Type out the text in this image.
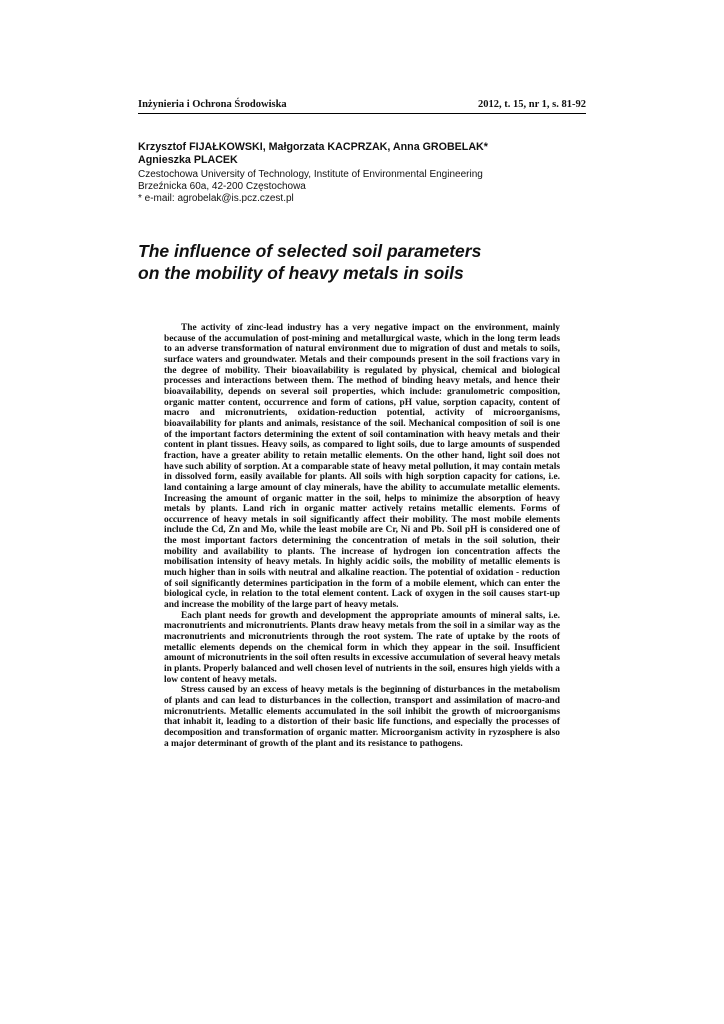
Inżynieria i Ochrona Środowiska	2012, t. 15, nr 1, s. 81-92
Krzysztof FIJAŁKOWSKI, Małgorzata KACPRZAK, Anna GROBELAK*
Agnieszka PLACEK
Czestochowa University of Technology, Institute of Environmental Engineering
Brzeźnicka 60a, 42-200 Częstochowa
* e-mail: agrobelak@is.pcz.czest.pl
The influence of selected soil parameters
on the mobility of heavy metals in soils

The activity of zinc-lead industry has a very negative impact on the environment, mainly because of the accumulation of post-mining and metallurgical waste, which in the long term leads to an adverse transformation of natural environment due to migration of dust and metals to soils, surface waters and groundwater. Metals and their compounds present in the soil fractions vary in the degree of mobility. Their bioavailability is regulated by physical, chemical and biological processes and interactions between them. The method of binding heavy metals, and hence their bioavailability, depends on several soil properties, which include: granulometric composition, organic matter content, occurrence and form of cations, pH value, sorption capacity, content of macro and micronutrients, oxidation-reduction potential, activity of microorganisms, bioavailability for plants and animals, resistance of the soil. Mechanical composition of soil is one of the important factors determining the extent of soil contamination with heavy metals and their content in plant tissues. Heavy soils, as compared to light soils, due to large amounts of suspended fraction, have a greater ability to retain metallic elements. On the other hand, light soil does not have such ability of sorption. At a comparable state of heavy metal pollution, it may contain metals in dissolved form, easily available for plants. All soils with high sorption capacity for cations, i.e. land containing a large amount of clay minerals, have the ability to accumulate metallic elements. Increasing the amount of organic matter in the soil, helps to minimize the absorption of heavy metals by plants. Land rich in organic matter actively retains metallic elements. Forms of occurrence of heavy metals in soil significantly affect their mobility. The most mobile elements include the Cd, Zn and Mo, while the least mobile are Cr, Ni and Pb. Soil pH is considered one of the most important factors determining the concentration of metals in the soil solution, their mobility and availability to plants. The increase of hydrogen ion concentration affects the mobilisation intensity of heavy metals. In highly acidic soils, the mobility of metallic elements is much higher than in soils with neutral and alkaline reaction. The potential of oxidation - reduction of soil significantly determines participation in the form of a mobile element, which can enter the biological cycle, in relation to the total element content. Lack of oxygen in the soil causes start-up and increase the mobility of the large part of heavy metals.

Each plant needs for growth and development the appropriate amounts of mineral salts, i.e. macronutrients and micronutrients. Plants draw heavy metals from the soil in a similar way as the macronutrients and micronutrients through the root system. The rate of uptake by the roots of metallic elements depends on the chemical form in which they appear in the soil. Insufficient amount of micronutrients in the soil often results in excessive accumulation of several heavy metals in plants. Properly balanced and well chosen level of nutrients in the soil, ensures high yields with a low content of heavy metals.

Stress caused by an excess of heavy metals is the beginning of disturbances in the metabolism of plants and can lead to disturbances in the collection, transport and assimilation of macro-and micronutrients. Metallic elements accumulated in the soil inhibit the growth of microorganisms that inhabit it, leading to a distortion of their basic life functions, and especially the processes of decomposition and transformation of organic matter. Microorganism activity in ryzosphere is also a major determinant of growth of the plant and its resistance to pathogens.
